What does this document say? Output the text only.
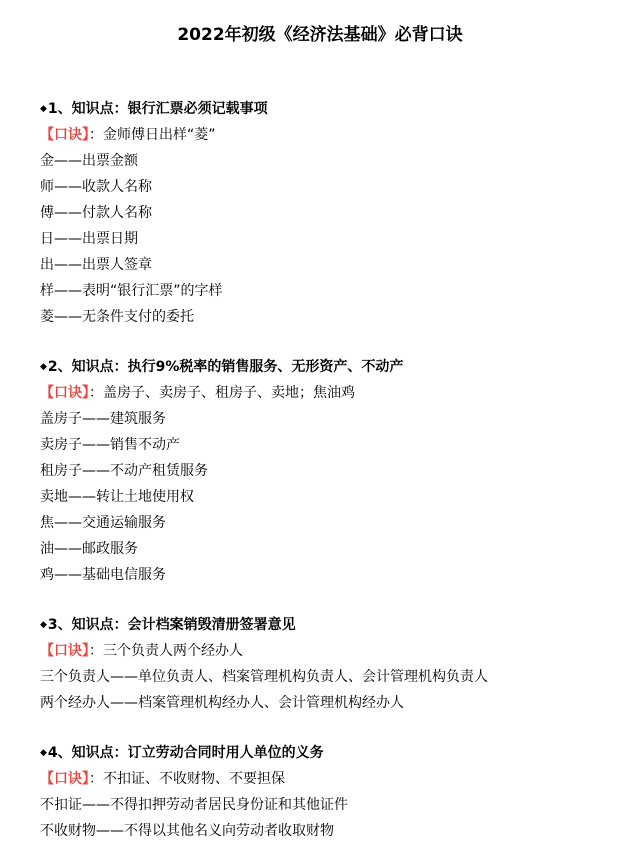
2022年初级《经济法基础》必背口诀
◆1、知识点：银行汇票必须记载事项
【口诀】：金师傅日出样“菱”
金——出票金额
师——收款人名称
傅——付款人名称
日——出票日期
出——出票人签章
样——表明“银行汇票”的字样
菱——无条件支付的委托
◆2、知识点：执行9%税率的销售服务、无形资产、不动产
【口诀】：盖房子、卖房子、租房子、卖地；焦油鸡
盖房子——建筑服务
卖房子——销售不动产
租房子——不动产租赁服务
卖地——转让土地使用权
焦——交通运输服务
油——邮政服务
鸡——基础电信服务
◆3、知识点：会计档案销毁清册签署意见
【口诀】：三个负责人两个经办人
三个负责人——单位负责人、档案管理机构负责人、会计管理机构负责人
两个经办人——档案管理机构经办人、会计管理机构经办人
◆4、知识点：订立劳动合同时用人单位的义务
【口诀】：不扣证、不收财物、不要担保
不扣证——不得扣押劳动者居民身份证和其他证件
不收财物——不得以其他名义向劳动者收取财物
